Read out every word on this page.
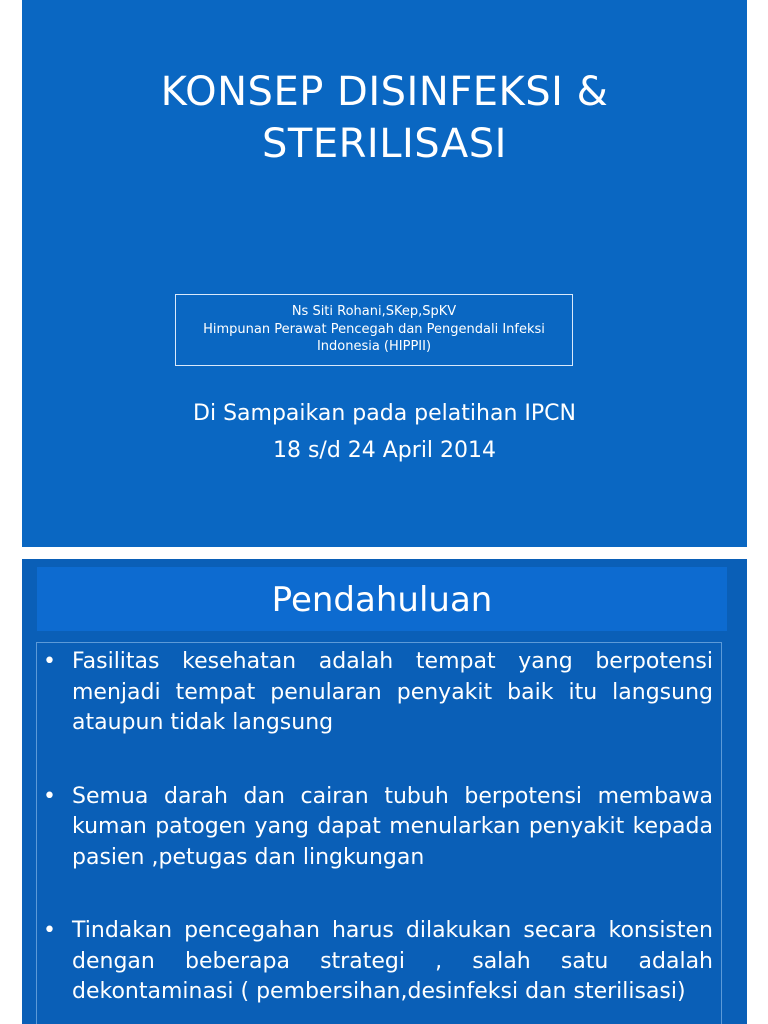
KONSEP DISINFEKSI &
STERILISASI
Ns Siti Rohani,SKep,SpKV
Himpunan Perawat Pencegah dan Pengendali Infeksi
Indonesia (HIPPII)
Di Sampaikan pada pelatihan IPCN
18 s/d 24 April 2014
Pendahuluan
• Fasilitas kesehatan adalah tempat yang berpotensi menjadi tempat penularan penyakit baik itu langsung ataupun tidak langsung
• Semua darah dan cairan tubuh berpotensi membawa kuman patogen yang dapat menularkan penyakit kepada pasien ,petugas dan lingkungan
• Tindakan pencegahan harus dilakukan secara konsisten dengan beberapa strategi , salah satu adalah dekontaminasi ( pembersihan,desinfeksi dan sterilisasi)
